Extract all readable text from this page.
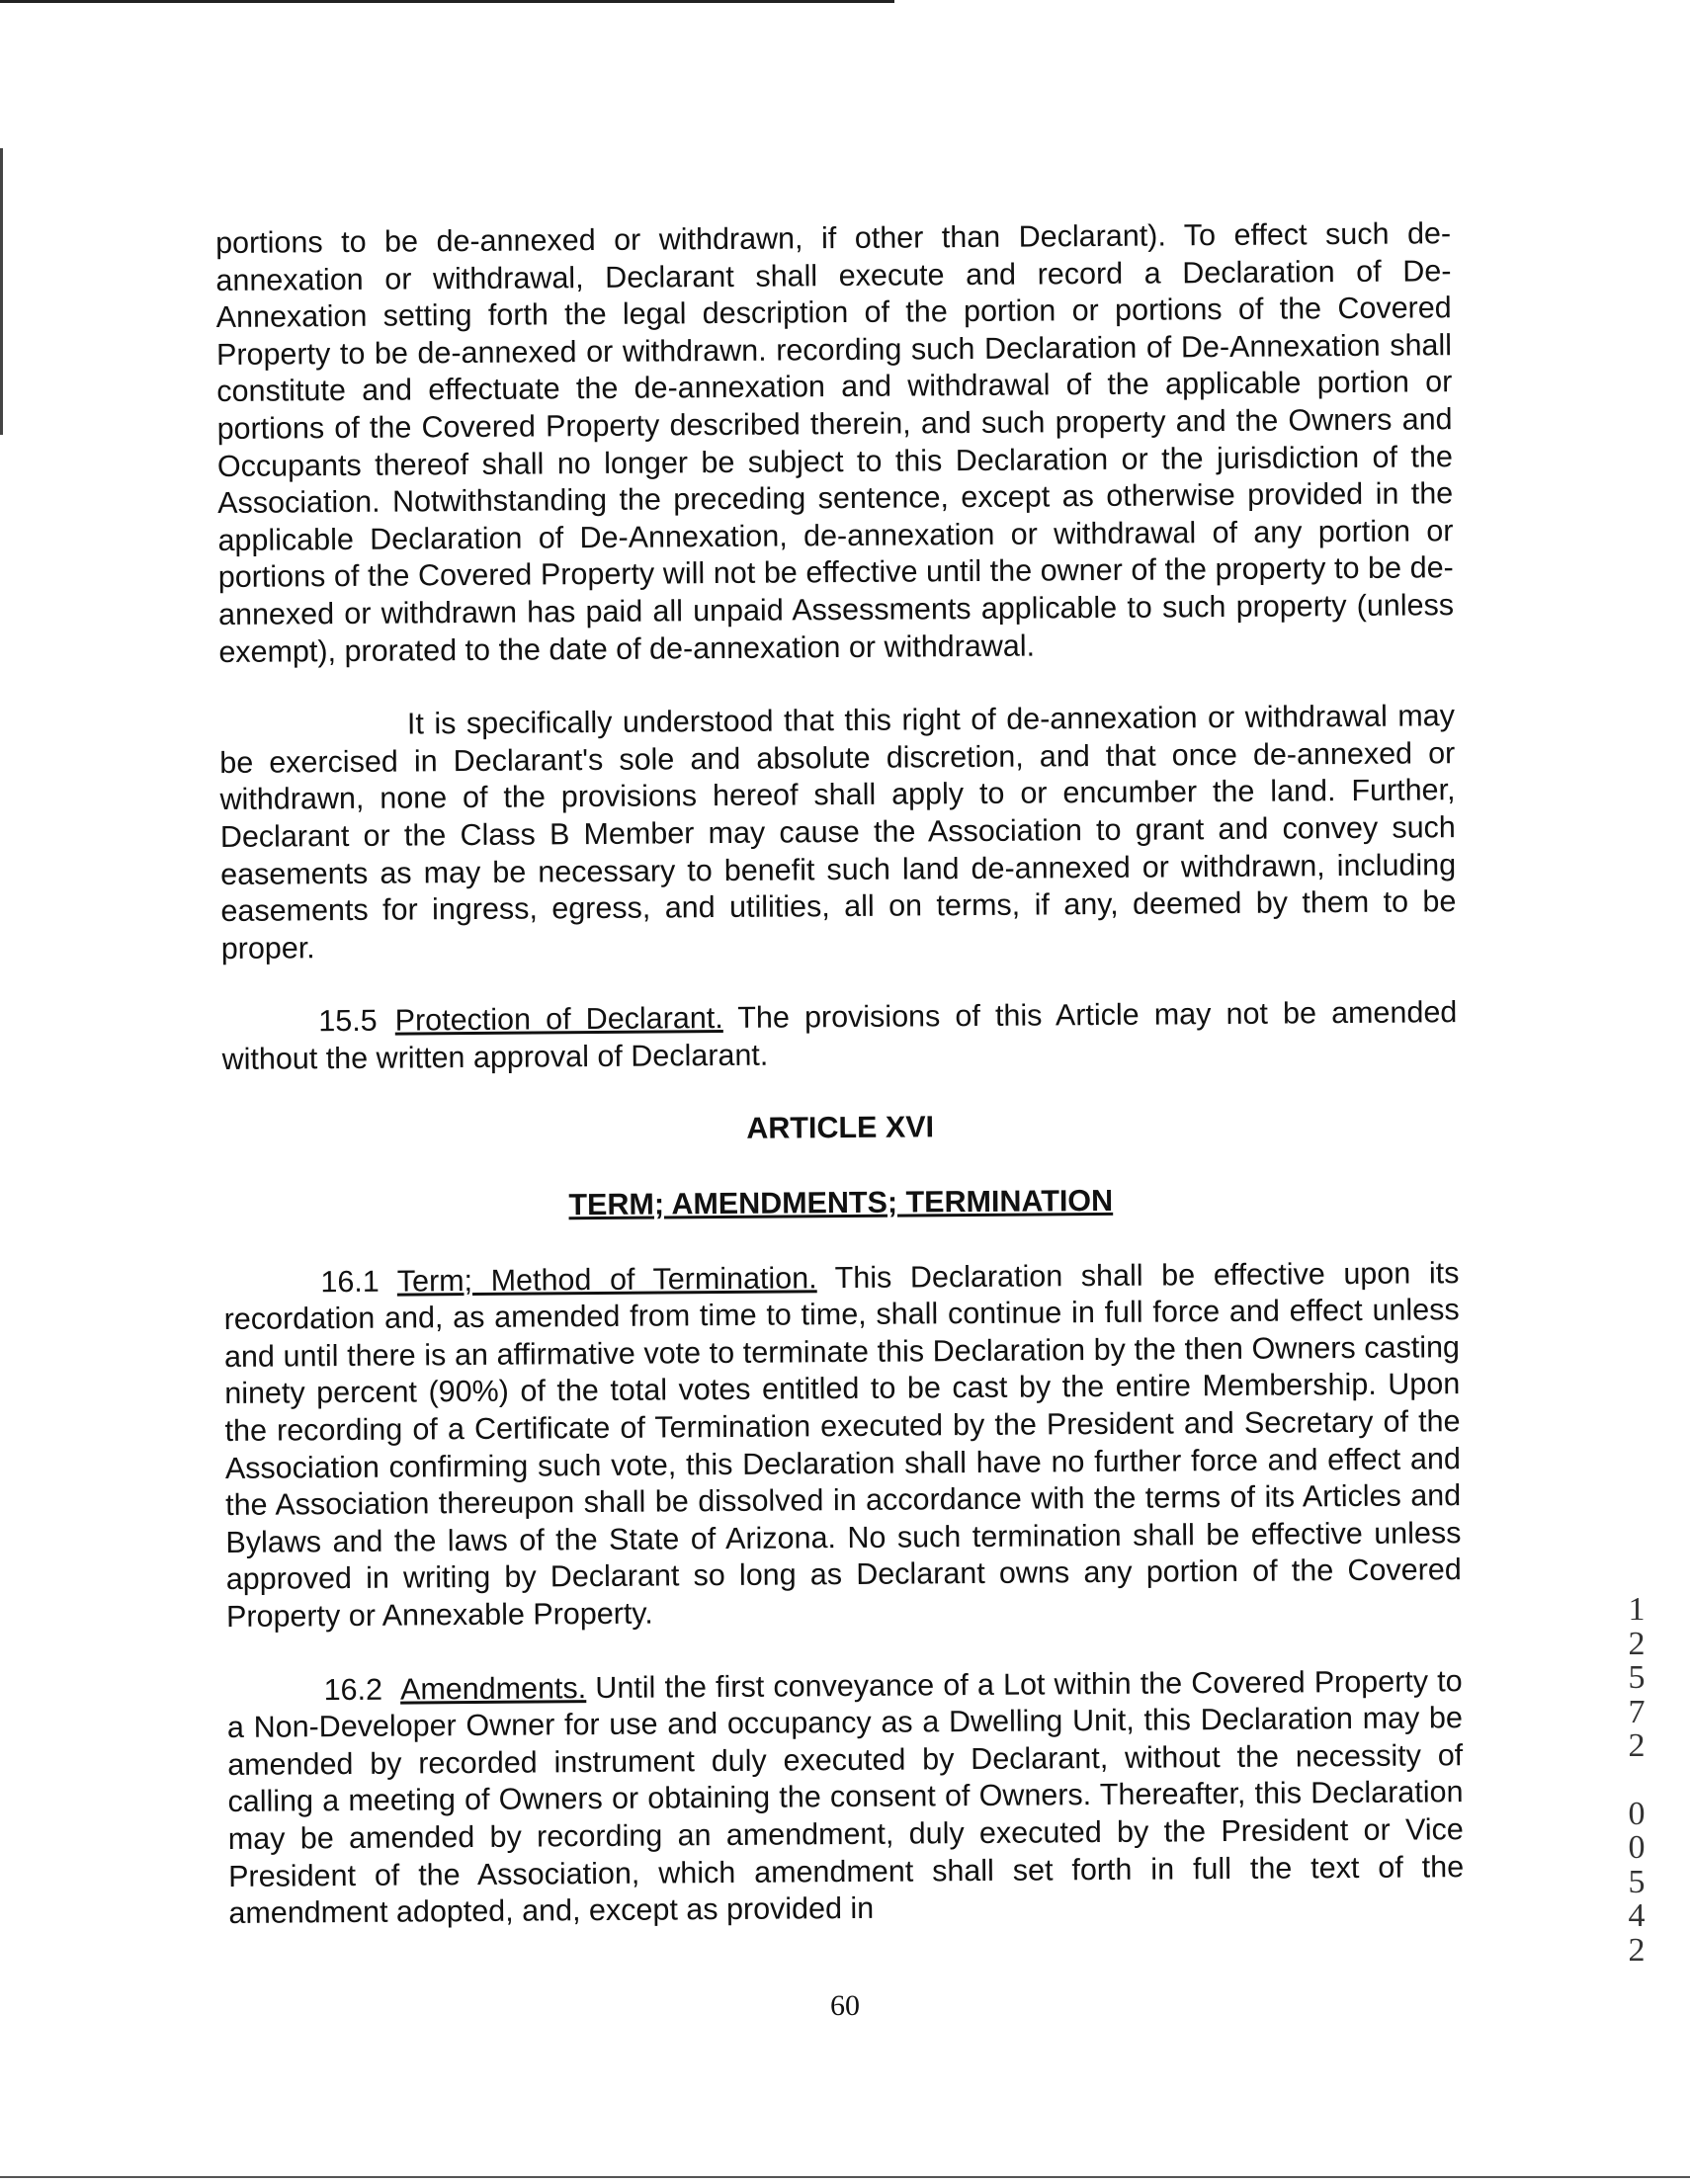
portions to be de-annexed or withdrawn, if other than Declarant). To effect such de-annexation or withdrawal, Declarant shall execute and record a Declaration of De-Annexation setting forth the legal description of the portion or portions of the Covered Property to be de-annexed or withdrawn. recording such Declaration of De-Annexation shall constitute and effectuate the de-annexation and withdrawal of the applicable portion or portions of the Covered Property described therein, and such property and the Owners and Occupants thereof shall no longer be subject to this Declaration or the jurisdiction of the Association. Notwithstanding the preceding sentence, except as otherwise provided in the applicable Declaration of De-Annexation, de-annexation or withdrawal of any portion or portions of the Covered Property will not be effective until the owner of the property to be de-annexed or withdrawn has paid all unpaid Assessments applicable to such property (unless exempt), prorated to the date of de-annexation or withdrawal.

It is specifically understood that this right of de-annexation or withdrawal may be exercised in Declarant's sole and absolute discretion, and that once de-annexed or withdrawn, none of the provisions hereof shall apply to or encumber the land. Further, Declarant or the Class B Member may cause the Association to grant and convey such easements as may be necessary to benefit such land de-annexed or withdrawn, including easements for ingress, egress, and utilities, all on terms, if any, deemed by them to be proper.

15.5 Protection of Declarant. The provisions of this Article may not be amended without the written approval of Declarant.

ARTICLE XVI
TERM; AMENDMENTS; TERMINATION

16.1 Term; Method of Termination. This Declaration shall be effective upon its recordation and, as amended from time to time, shall continue in full force and effect unless and until there is an affirmative vote to terminate this Declaration by the then Owners casting ninety percent (90%) of the total votes entitled to be cast by the entire Membership. Upon the recording of a Certificate of Termination executed by the President and Secretary of the Association confirming such vote, this Declaration shall have no further force and effect and the Association thereupon shall be dissolved in accordance with the terms of its Articles and Bylaws and the laws of the State of Arizona. No such termination shall be effective unless approved in writing by Declarant so long as Declarant owns any portion of the Covered Property or Annexable Property.

16.2 Amendments. Until the first conveyance of a Lot within the Covered Property to a Non-Developer Owner for use and occupancy as a Dwelling Unit, this Declaration may be amended by recorded instrument duly executed by Declarant, without the necessity of calling a meeting of Owners or obtaining the consent of Owners. Thereafter, this Declaration may be amended by recording an amendment, duly executed by the President or Vice President of the Association, which amendment shall set forth in full the text of the amendment adopted, and, except as provided in

60
1
2
5
7
2
0
0
5
4
2
